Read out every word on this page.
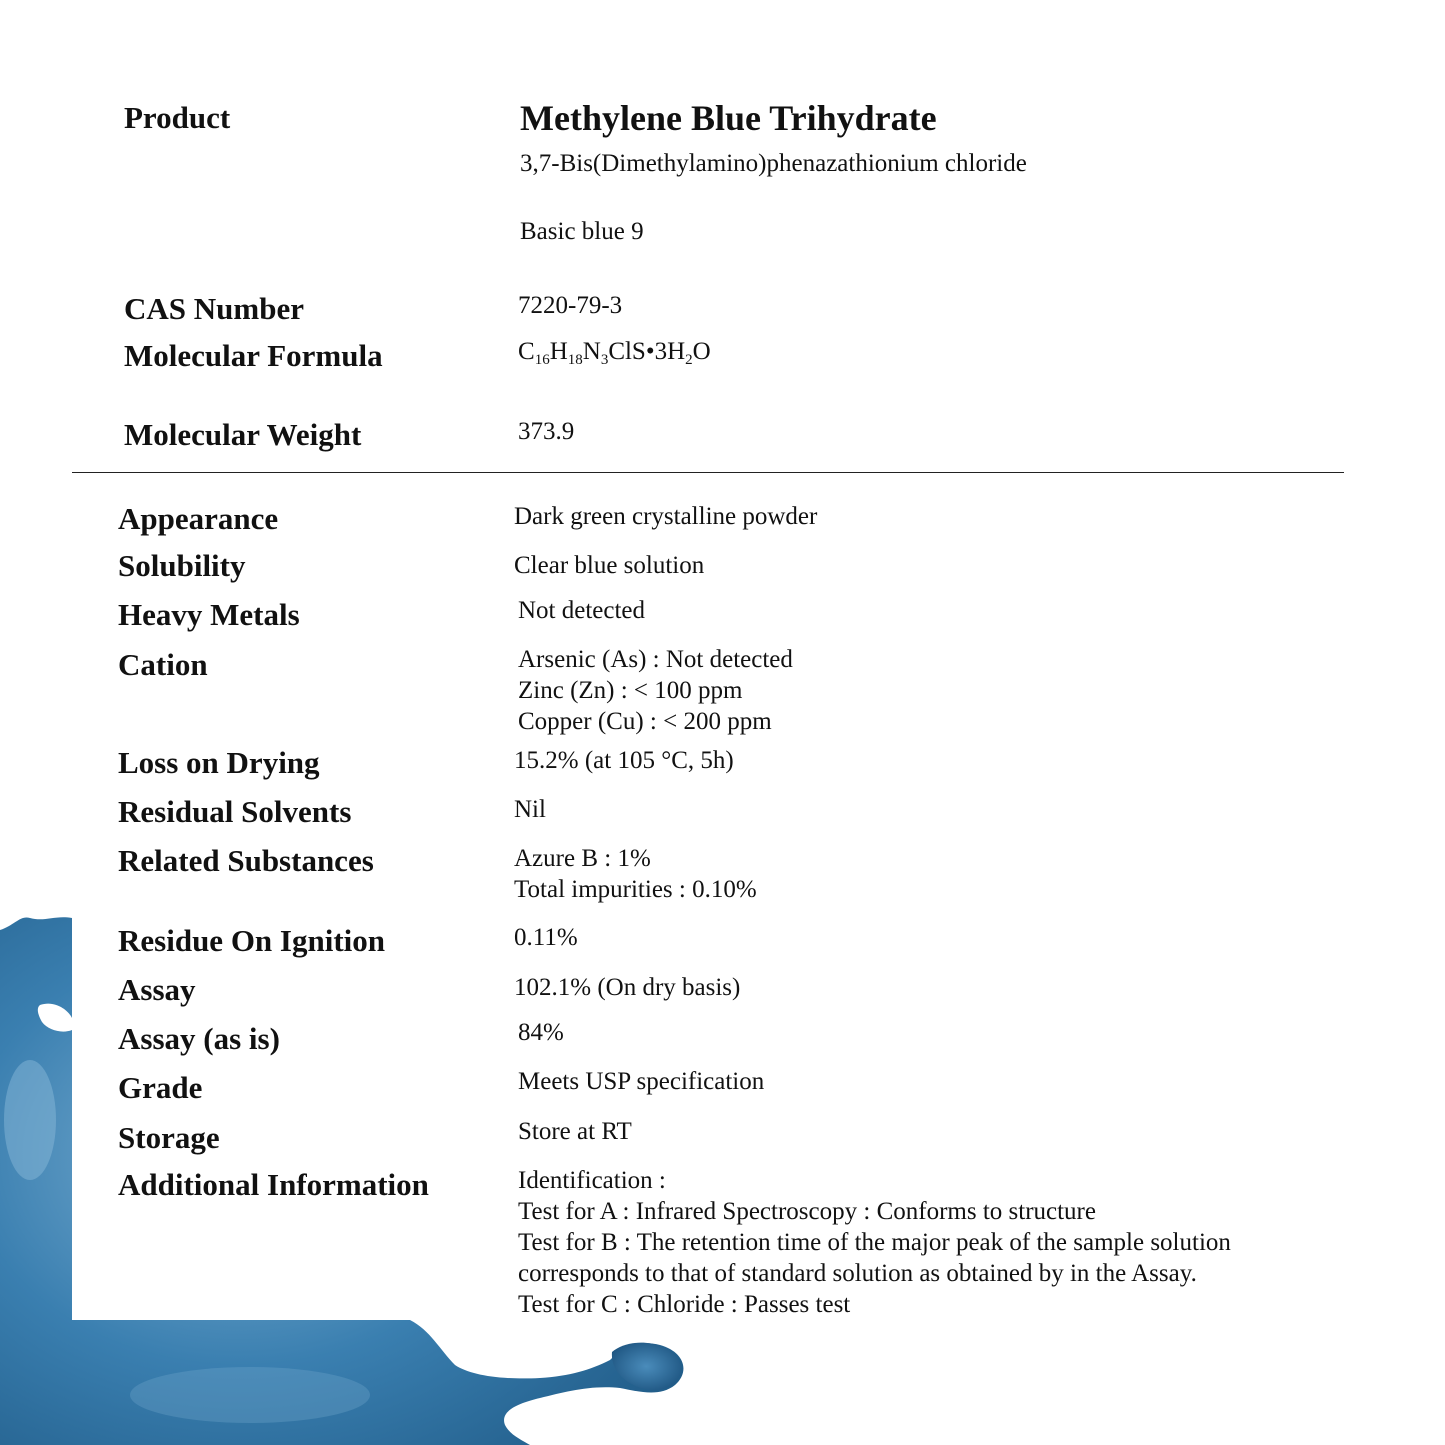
Product	Methylene Blue Trihydrate
3,7-Bis(Dimethylamino)phenazathionium chloride
Basic blue 9
CAS Number	7220-79-3
Molecular Formula	$C_{16}H_{18}N_3ClS•3H_2O$
Molecular Weight	373.9
Appearance	Dark green crystalline powder
Solubility	Clear blue solution
Heavy Metals	Not detected
Cation	Arsenic (As) : Not detected
Zinc (Zn) : < 100 ppm
Copper (Cu) : < 200 ppm
Loss on Drying	15.2% (at 105 °C, 5h)
Residual Solvents	Nil
Related Substances	Azure B : 1%
Total impurities : 0.10%
Residue On Ignition	0.11%
Assay	102.1% (On dry basis)
Assay (as is)	84%
Grade	Meets USP specification
Storage	Store at RT
Additional Information	Identification :
Test for A : Infrared Spectroscopy : Conforms to structure
Test for B : The retention time of the major peak of the sample solution
corresponds to that of standard solution as obtained by in the Assay.
Test for C : Chloride : Passes test
